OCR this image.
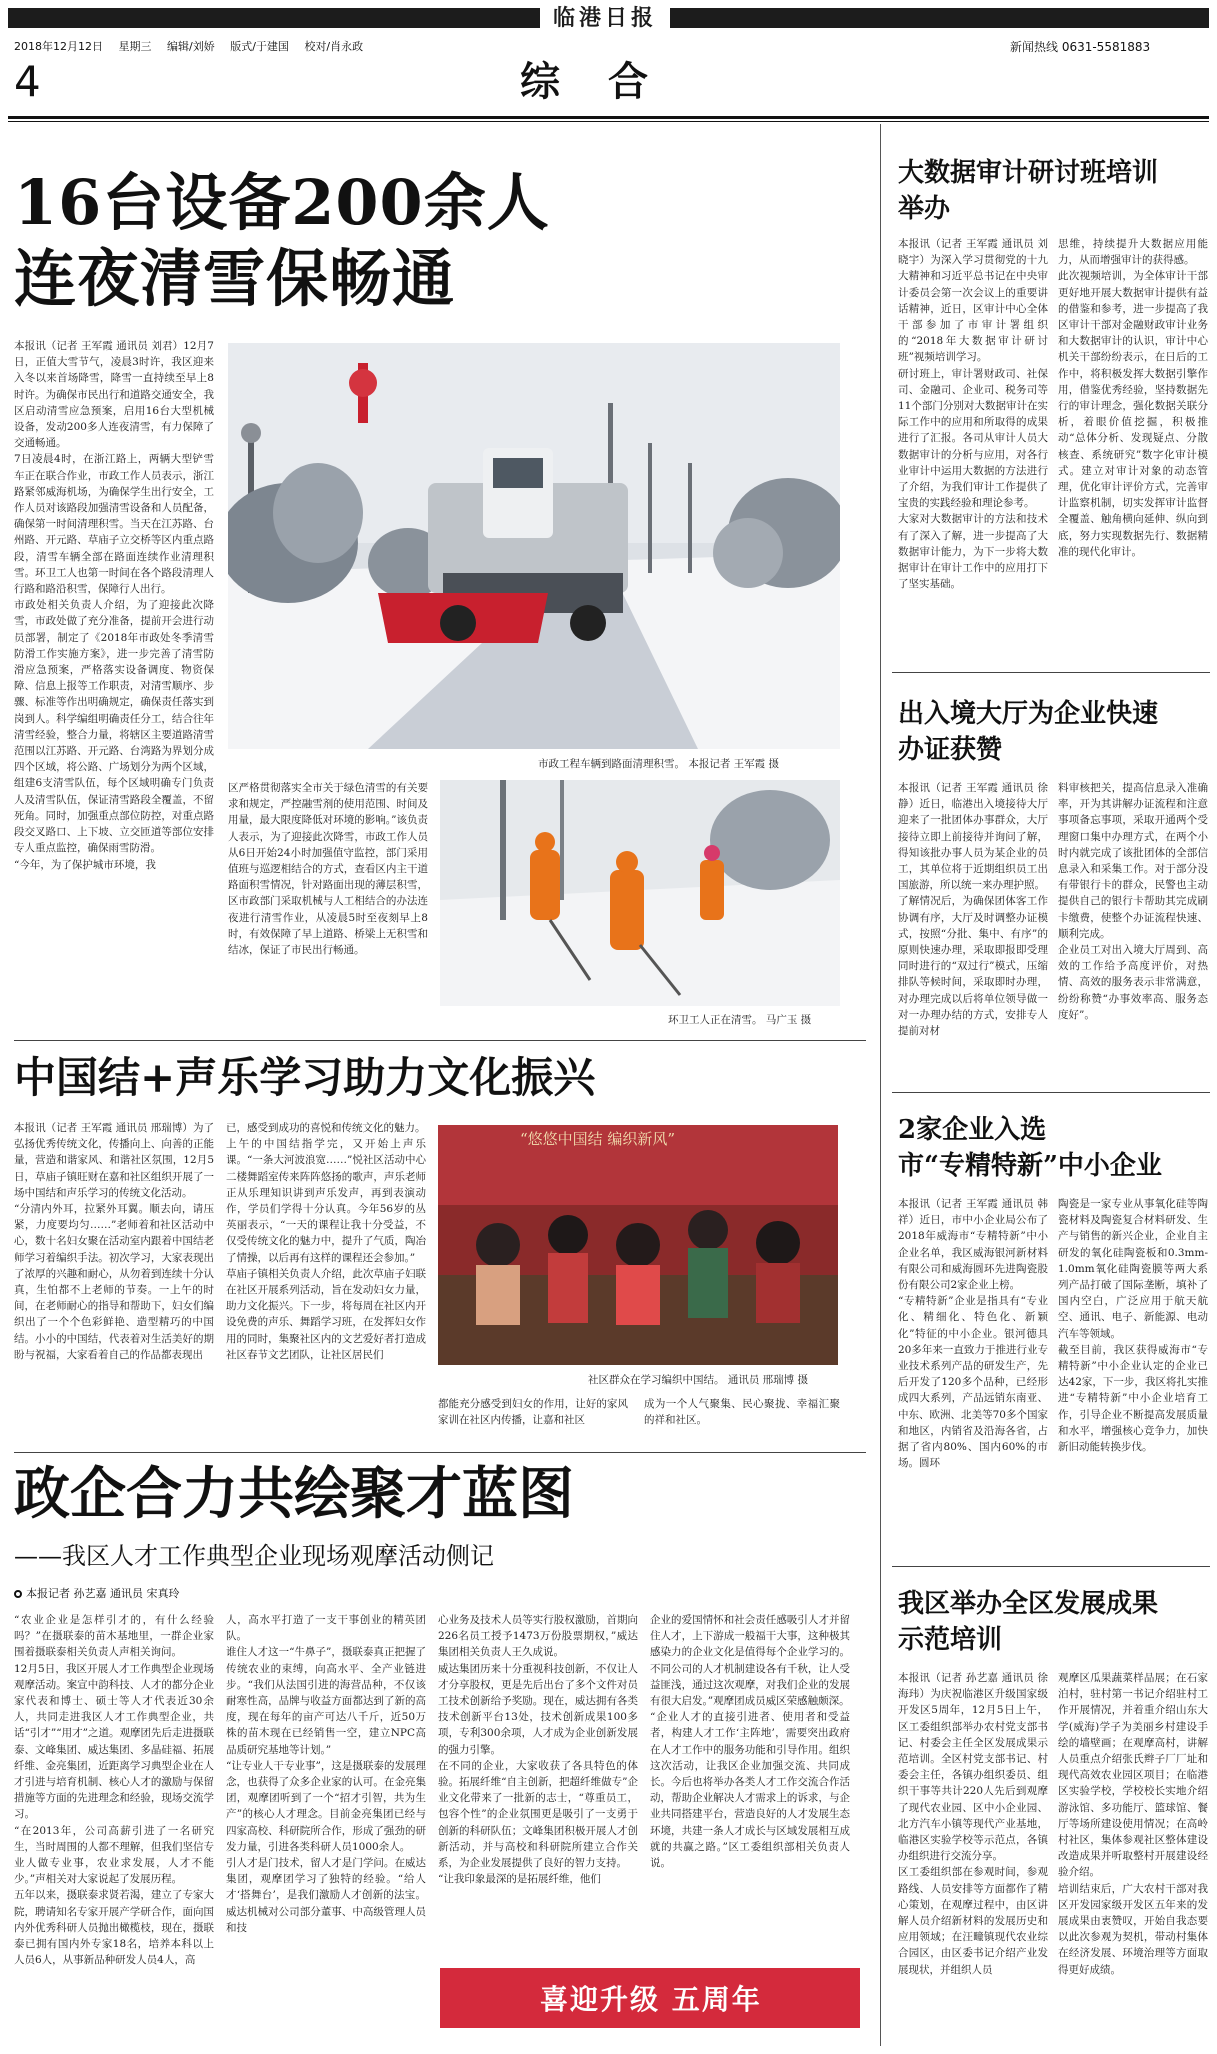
临港日报
2018年12月12日 星期三 编辑/刘娇 版式/于建国 校对/肖永政	新闻热线 0631-5581883
4	综合
16台设备200余人
连夜清雪保畅通
本报讯（记者 王军霞 通讯员 刘君）12月7日，正值大雪节气，凌晨3时许，我区迎来入冬以来首场降雪，降雪一直持续至早上8时许。为确保市民出行和道路交通安全，我区启动清雪应急预案，启用16台大型机械设备，发动200多人连夜清雪，有力保障了交通畅通。
7日凌晨4时，在浙江路上，两辆大型铲雪车正在联合作业，市政工作人员表示，浙江路紧邻威海机场，为确保学生出行安全，工作人员对该路段加强清雪设备和人员配备，确保第一时间清理积雪。当天在江苏路、台州路、开元路、草庙子立交桥等区内重点路段，清雪车辆全部在路面连续作业清理积雪。环卫工人也第一时间在各个路段清理人行路和路沿积雪，保障行人出行。
市政处相关负责人介绍，为了迎接此次降雪，市政处做了充分准备，提前开会进行动员部署，制定了《2018年市政处冬季清雪防滑工作实施方案》，进一步完善了清雪防滑应急预案，严格落实设备调度、物资保障、信息上报等工作职责，对清雪顺序、步骤、标准等作出明确规定，确保责任落实到岗到人。科学编组明确责任分工，结合往年清雪经验，整合力量，将辖区主要道路清雪范围以江苏路、开元路、台湾路为界划分成四个区域，将公路、广场划分为两个区域，组建6支清雪队伍，每个区域明确专门负责人及清雪队伍，保证清雪路段全覆盖，不留死角。同时，加强重点部位防控，对重点路段交叉路口、上下坡、立交匝道等部位安排专人重点监控，确保雨雪防滑。
“今年，为了保护城市环境，我
市政工程车辆到路面清理积雪。 本报记者 王军霞 摄
区严格贯彻落实全市关于绿色清雪的有关要求和规定，严控融雪剂的使用范围、时间及用量，最大限度降低对环境的影响。”该负责人表示，为了迎接此次降雪，市政工作人员从6日开始24小时加强值守监控，部门采用值班与巡逻相结合的方式，查看区内主干道路面积雪情况，针对路面出现的薄层积雪，区市政部门采取机械与人工相结合的办法连夜进行清雪作业，从凌晨5时至夜刻早上8时，有效保障了早上道路、桥梁上无积雪和结冰，保证了市民出行畅通。
环卫工人正在清雪。 马广玉 摄
中国结+声乐学习助力文化振兴
本报讯（记者 王军霞 通讯员 邢瑞博）为了弘扬优秀传统文化，传播向上、向善的正能量，营造和谐家风、和谐社区氛围，12月5日，草庙子镇旺财在嘉和社区组织开展了一场中国结和声乐学习的传统文化活动。
“分清内外耳，拉紧外耳翼。顺去向，请压紧，力度要均匀……”老师着和社区活动中心，数十名妇女聚在活动室内跟着中国结老师学习着编织手法。初次学习，大家表现出了浓厚的兴趣和耐心，从勿着到连续十分认真，生怕都不上老师的节奏。一上午的时间，在老师耐心的指导和帮助下，妇女们编织出了一个个色彩鲜艳、造型精巧的中国结。小小的中国结，代表着对生活美好的期盼与祝福，大家看着自己的作品都表现出
已，感受到成功的喜悦和传统文化的魅力。
上午的中国结指学完，又开始上声乐课。“一条大河波浪宽……”悦社区活动中心二楼舞蹈室传来阵阵悠扬的歌声，声乐老师正从乐理知识讲到声乐发声，再到表演动作，学员们学得十分认真。今年56岁的丛英丽表示，“一天的课程让我十分受益，不仅受传统文化的魅力中，提升了气质，陶冶了情操，以后再有这样的课程还会参加。”
草庙子镇相关负责人介绍，此次草庙子妇联在社区开展系列活动，旨在发动妇女力量，助力文化振兴。下一步，将每周在社区内开设免费的声乐、舞蹈学习班，在发挥妇女作用的同时，集聚社区内的文艺爱好者打造成社区春节文艺团队，让社区居民们
“悠悠中国结 编织新风”
社区群众在学习编织中国结。 通讯员 邢瑞博 摄
都能充分感受到妇女的作用，让好的家风家训在社区内传播，让嘉和社区
成为一个人气聚集、民心聚拢、幸福汇聚的祥和社区。
政企合力共绘聚才蓝图
——我区人才工作典型企业现场观摩活动侧记
本报记者 孙艺嘉 通讯员 宋真玲
“农业企业是怎样引才的，有什么经验吗？”在摄联泰的苗木基地里，一群企业家围着摄联泰相关负责人声相关询问。
12月5日，我区开展人才工作典型企业现场观摩活动。案宣中韵科技、人才的都分企业家代表和博士、硕士等人才代表近30余人，共同走进我区人才工作典型企业，共话“引才”“用才”之道。观摩团先后走进摄联泰、文峰集团、威达集团、多晶硅福、拓展纤维、金亮集团，近距离学习典型企业在人才引进与培育机制、核心人才的激励与保留措施等方面的先进理念和经验，现场交流学习。
“在2013年，公司高薪引进了一名研究生，当时周围的人都不理解，但我们坚信专业人做专业事，农业求发展，人才不能少。”声相关对大家说起了发展历程。
五年以来，摄联泰求贤若渴，建立了专家大院，聘请知名专家开展产学研合作，面向国内外优秀科研人员抛出橄榄枝，现在，摄联泰已拥有国内外专家18名，培养本科以上人员6人，从事新品种研发人员4人，高
人，高水平打造了一支干事创业的精英团队。
谁住人才这一“牛鼻子”，摄联泰真正把握了传统农业的束缚，向高水平、全产业链进步。“我们从法国引进的海营品种，不仅该耐寒性高，品牌与收益方面都达到了新的高度，现在每年的亩产可达八千斤，近50万株的苗木现在已经销售一空，建立NPC高品质研究基地等计划。”
“让专业人干专业事”，这是摄联泰的发展理念，也获得了众多企业家的认可。在金亮集团，观摩团听到了一个“招才引智，共为生产”的核心人才理念。目前金亮集团已经与四家高校、科研院所合作，形成了强劲的研发力量，引进各类科研人员1000余人。
引人才是门技术，留人才是门学问。在威达集团，观摩团学习了独特的经验。“给人才‘搭舞台’，是我们激励人才创新的法宝。威达机械对公司部分董事、中高级管理人员和技
心业务及技术人员等实行股权激励，首期向226名员工授予1473万份股票期权，”威达集团相关负责人王久成说。
威达集团历来十分重视科技创新，不仅让人才分享股权，更是先后出台了多个文件对员工技术创新给予奖励。现在，威达拥有各类技术创新平台13处，技术创新成果100多项，专利300余项，人才成为企业创新发展的强力引擎。
在不同的企业，大家收获了各具特色的体验。拓展纤维“自主创新，把超纤维做专”企业文化带来了一批新的志士，“尊重员工，包容个性”的企业氛围更是吸引了一支勇于创新的科研队伍；文峰集团积极开展人才创新活动，并与高校和科研院所建立合作关系，为企业发展提供了良好的智力支持。
“让我印象最深的是拓展纤维，他们
企业的爱国情怀和社会责任感吸引人才并留住人才，上下游成一般福干大事，这种极其感染力的企业文化是值得每个企业学习的。不同公司的人才机制建设各有千秋，让人受益匪浅，通过这次观摩，对我们企业的发展有很大启发。”观摩团成员威区荣感触颇深。
“企业人才的直接引进者、使用者和受益者，构建人才工作‘主阵地’，需要突出政府在人才工作中的服务功能和引导作用。组织这次活动，让我区企业加强交流、共同成长。今后也将举办各类人才工作交流合作活动，帮助企业解决人才需求上的诉求，与企业共同搭建平台，营造良好的人才发展生态环境，共建一条人才成长与区域发展相互成就的共赢之路。”区工委组织部相关负责人说。
喜迎升级 五周年
大数据审计研讨班培训
举办
本报讯（记者 王军霞 通讯员 刘晓宇）为深入学习贯彻党的十九大精神和习近平总书记在中央审计委员会第一次会议上的重要讲话精神，近日，区审计中心全体干部参加了市审计署组织的“2018年大数据审计研讨班”视频培训学习。
研讨班上，审计署财政司、社保司、金融司、企业司、税务司等11个部门分别对大数据审计在实际工作中的应用和所取得的成果进行了汇报。各司从审计人员大数据审计的分析与应用，对各行业审计中运用大数据的方法进行了介绍，为我们审计工作提供了宝贵的实践经验和理论参考。
大家对大数据审计的方法和技术有了深入了解，进一步提高了大数据审计能力，为下一步将大数据审计在审计工作中的应用打下了坚实基础。
思维，持续提升大数据应用能力，从而增强审计的获得感。
此次视频培训，为全体审计干部更好地开展大数据审计提供有益的借鉴和参考，进一步提高了我区审计干部对金融财政审计业务和大数据审计的认识，审计中心机关干部纷纷表示，在日后的工作中，将积极发挥大数据引擎作用，借鉴优秀经验，坚持数据先行的审计理念，强化数据关联分析，着眼价值挖掘，积极推动“总体分析、发现疑点、分散核查、系统研究”数字化审计模式。建立对审计对象的动态管理，优化审计评价方式，完善审计监察机制，切实发挥审计监督全覆盖、触角横向延伸、纵向到底，努力实现数据先行、数据精准的现代化审计。
出入境大厅为企业快速
办证获赞
本报讯（记者 王军霞 通讯员 徐静）近日，临港出入境接待大厅迎来了一批团体办事群众，大厅接待立即上前接待并询问了解，得知该批办事人员为某企业的员工，其单位将于近期组织员工出国旅游，所以统一来办理护照。
了解情况后，为确保团体客工作协调有序，大厅及时调整办证模式，按照“分批、集中、有序”的原则快速办理，采取即报即受理同时进行的“双过行”模式，压缩排队等候时间，采取即时办理，对办理完成以后将单位领导做一对一办理办结的方式，安排专人提前对材
料审核把关，提高信息录入准确率，开为其讲解办证流程和注意事项备忘事项，采取开通两个受理窗口集中办理方式，在两个小时内就完成了该批团体的全部信息录入和采集工作。对于部分没有带银行卡的群众，民警也主动提供自己的银行卡帮助其完成刷卡缴费，使整个办证流程快速、顺利完成。
企业员工对出入境大厅周到、高效的工作给予高度评价，对热情、高效的服务表示非常满意，纷纷称赞“办事效率高、服务态度好”。
2家企业入选
市“专精特新”中小企业
本报讯（记者 王军霞 通讯员 韩祥）近日，市中小企业局公布了2018年威海市“专精特新”中小企业名单，我区威海银河新材料有限公司和威海圆环先进陶瓷股份有限公司2家企业上榜。
“专精特新”企业是指具有“专业化、精细化、特色化、新颖化”特征的中小企业。银河德具20多年来一直致力于推进行业专业技术系列产品的研发生产，先后开发了120多个品种，已经形成四大系列，产品远销东南亚、中东、欧洲、北美等70多个国家和地区，内销省及沿海各省，占据了省内80%、国内60%的市场。圆环
陶瓷是一家专业从事氧化硅等陶瓷材料及陶瓷复合材料研发、生产与销售的新兴企业，企业自主研发的氧化硅陶瓷板和0.3mm-1.0mm氧化硅陶瓷膜等两大系列产品打破了国际垄断，填补了国内空白，广泛应用于航天航空、通讯、电子、新能源、电动汽车等领域。
截至目前，我区获得威海市“专精特新”中小企业认定的企业已达42家，下一步，我区将扎实推进“专精特新”中小企业培育工作，引导企业不断提高发展质量和水平，增强核心竞争力，加快新旧动能转换步伐。
我区举办全区发展成果
示范培训
本报讯（记者 孙艺嘉 通讯员 徐海玮）为庆祝临港区升级国家级开发区5周年，12月5日上午，区工委组织部举办农村党支部书记、村委会主任全区发展成果示范培训。全区村党支部书记、村委会主任，各镇办组织委员、组织干事等共计220人先后到观摩了现代农业园、区中小企业园、北方汽车小镇等现代产业基地，临港区实验学校等示范点，各镇办组织进行交流分享。
区工委组织部在参观时间，参观路线、人员安排等方面都作了精心策划，在观摩过程中，由区讲解人员介绍新材料的发展历史和应用领域；在汪疃镇现代农业综合园区，由区委书记介绍产业发展现状，并组织人员
观摩区瓜果蔬菜样品展；在石家泊村，驻村第一书记介绍驻村工作开展情况，并着重介绍山东大学(威海)学子为美丽乡村建设手绘的墙壁画；在观摩高村，讲解人员重点介绍张氏辫子厂厂址和现代高效农业园区项目；在临港区实验学校，学校校长实地介绍游泳馆、多功能厅、篮球馆、餐厅等场所建设使用情况；在高岭村社区，集体参观社区整体建设改造成果并听取整村开展建设经验介绍。
培训结束后，广大农村干部对我区开发园家级开发区五年来的发展成果由衷赞叹，开始自我态要以此次参观为契机，带动村集体在经济发展、环境治理等方面取得更好成绩。
